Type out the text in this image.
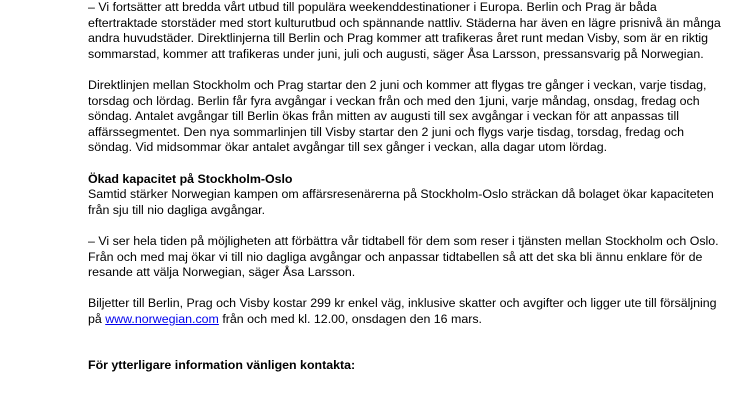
– Vi fortsätter att bredda vårt utbud till populära weekenddestinationer i Europa. Berlin och Prag är båda eftertraktade storstäder med stort kulturutbud och spännande nattliv. Städerna har även en lägre prisnivå än många andra huvudstäder. Direktlinjerna till Berlin och Prag kommer att trafikeras året runt medan Visby, som är en riktig sommarstad, kommer att trafikeras under juni, juli och augusti, säger Åsa Larsson, pressansvarig på Norwegian.

Direktlinjen mellan Stockholm och Prag startar den 2 juni och kommer att flygas tre gånger i veckan, varje tisdag, torsdag och lördag. Berlin får fyra avgångar i veckan från och med den 1juni, varje måndag, onsdag, fredag och söndag. Antalet avgångar till Berlin ökas från mitten av augusti till sex avgångar i veckan för att anpassas till affärssegmentet. Den nya sommarlinjen till Visby startar den 2 juni och flygs varje tisdag, torsdag, fredag och söndag. Vid midsommar ökar antalet avgångar till sex gånger i veckan, alla dagar utom lördag.

Ökad kapacitet på Stockholm-Oslo

Samtid stärker Norwegian kampen om affärsresenärerna på Stockholm-Oslo sträckan då bolaget ökar kapaciteten från sju till nio dagliga avgångar.

– Vi ser hela tiden på möjligheten att förbättra vår tidtabell för dem som reser i tjänsten mellan Stockholm och Oslo. Från och med maj ökar vi till nio dagliga avgångar och anpassar tidtabellen så att det ska bli ännu enklare för de resande att välja Norwegian, säger Åsa Larsson.

Biljetter till Berlin, Prag och Visby kostar 299 kr enkel väg, inklusive skatter och avgifter och ligger ute till försäljning på www.norwegian.com från och med kl. 12.00, onsdagen den 16 mars.

För ytterligare information vänligen kontakta:
